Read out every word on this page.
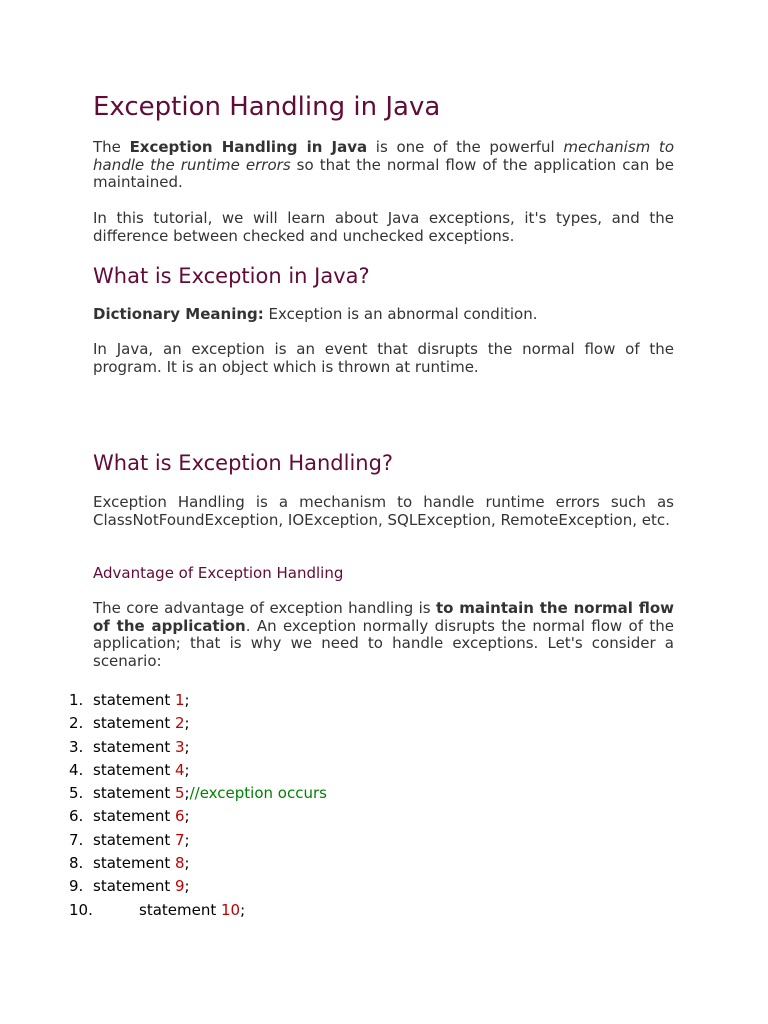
Exception Handling in Java

The Exception Handling in Java is one of the powerful mechanism to handle the runtime errors so that the normal flow of the application can be maintained.

In this tutorial, we will learn about Java exceptions, it's types, and the difference between checked and unchecked exceptions.

What is Exception in Java?

Dictionary Meaning: Exception is an abnormal condition.

In Java, an exception is an event that disrupts the normal flow of the program. It is an object which is thrown at runtime.

What is Exception Handling?

Exception Handling is a mechanism to handle runtime errors such as ClassNotFoundException, IOException, SQLException, RemoteException, etc.

Advantage of Exception Handling

The core advantage of exception handling is to maintain the normal flow of the application. An exception normally disrupts the normal flow of the application; that is why we need to handle exceptions. Let's consider a scenario:

1. statement 1;
2. statement 2;
3. statement 3;
4. statement 4;
5. statement 5;//exception occurs
6. statement 6;
7. statement 7;
8. statement 8;
9. statement 9;
10.	statement 10;
